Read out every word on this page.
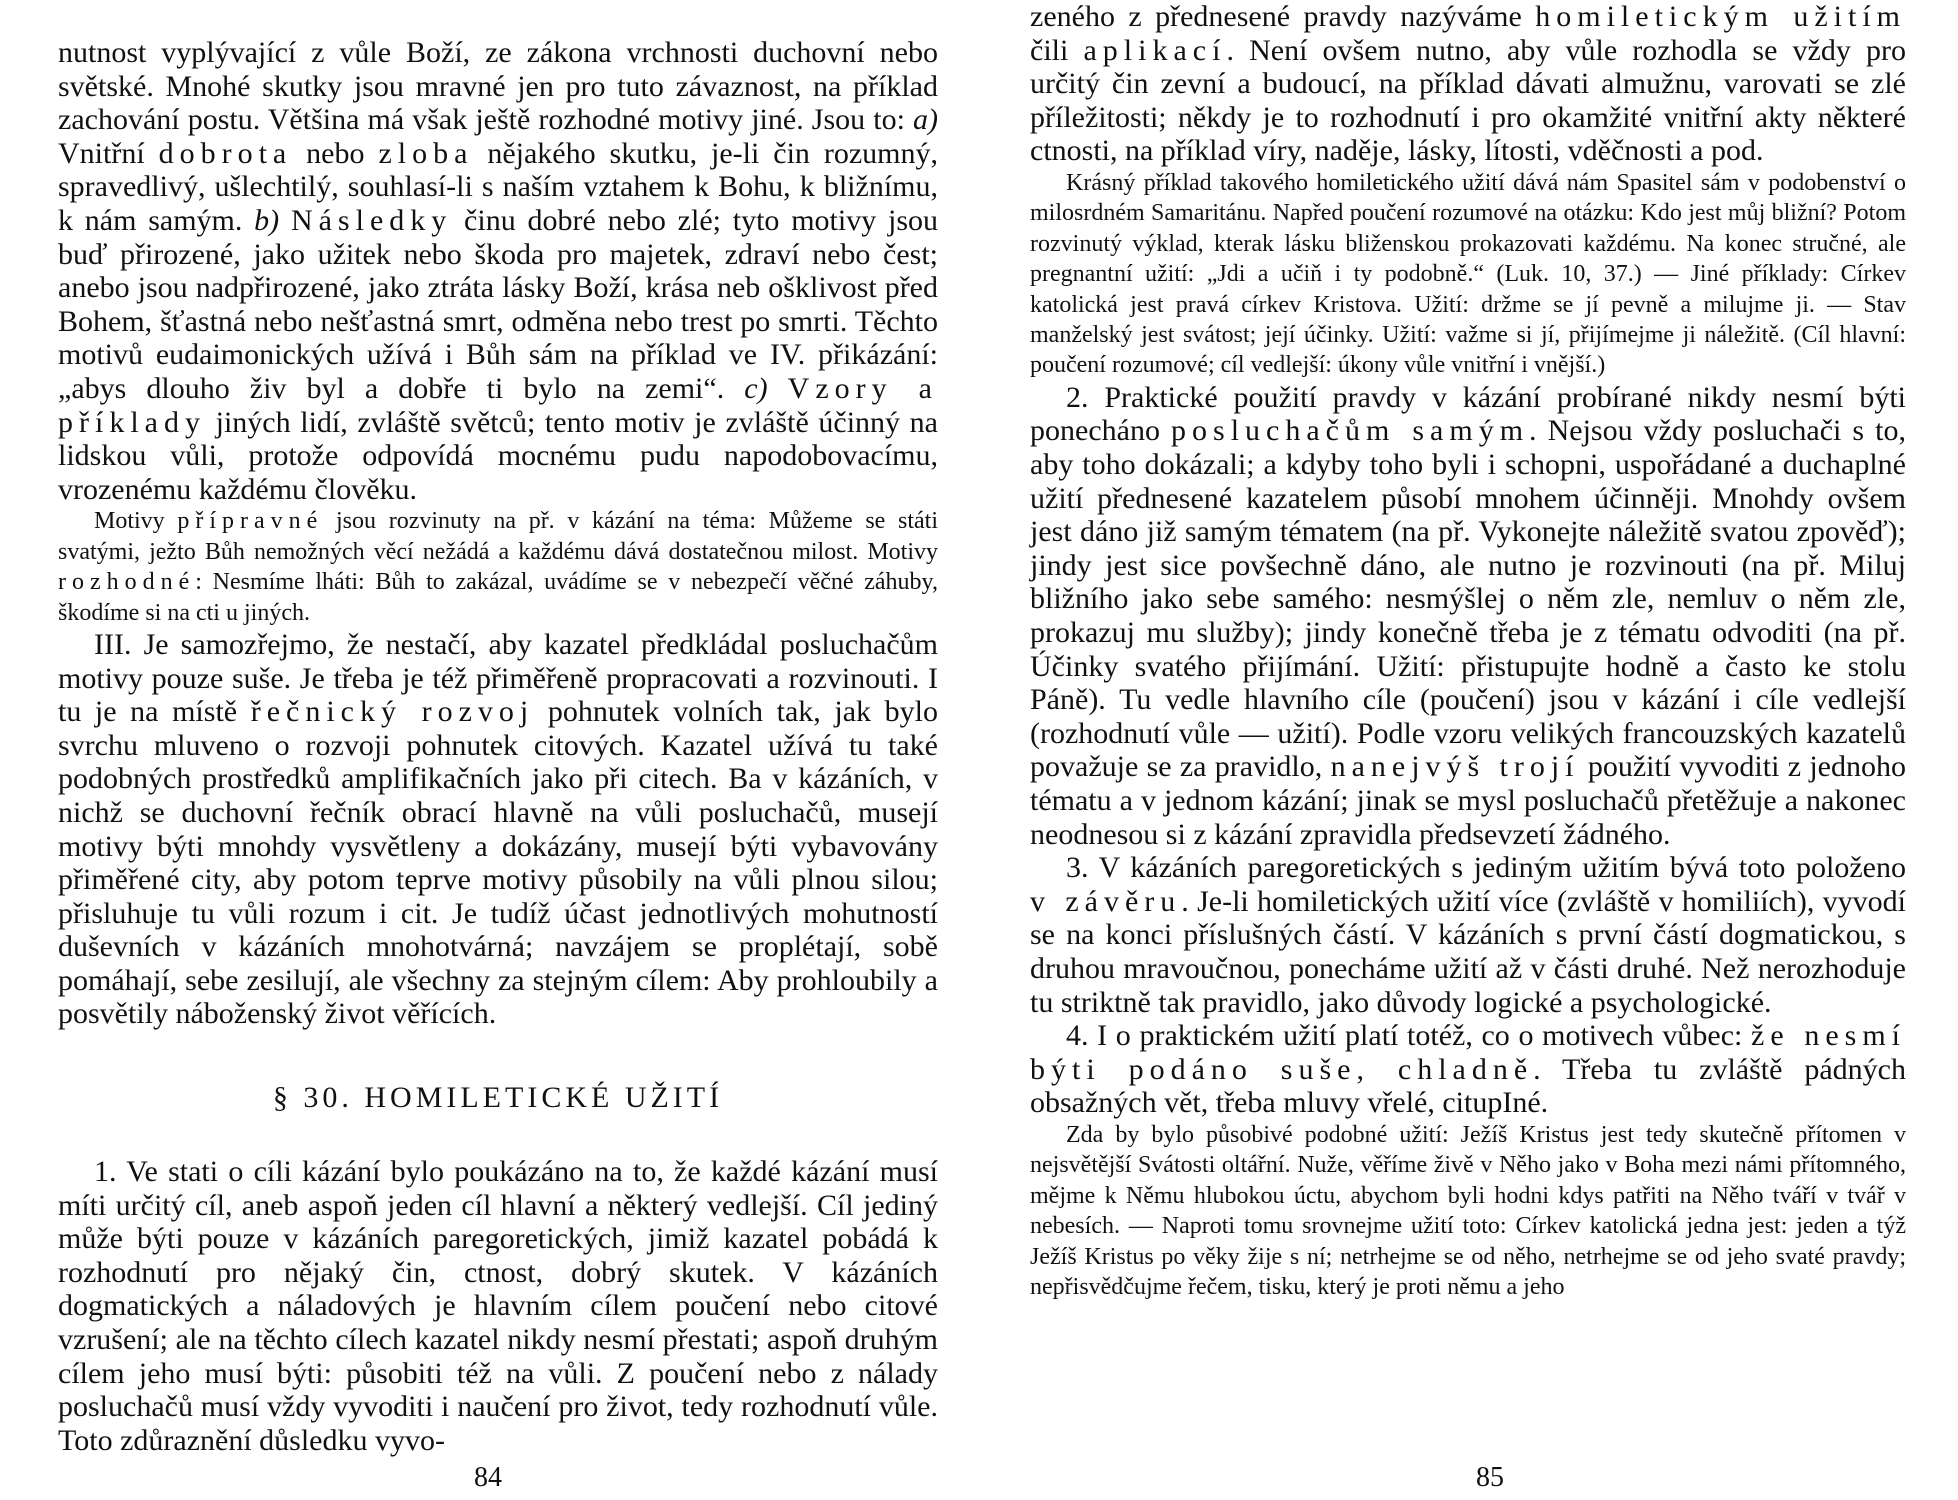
nutnost vyplývající z vůle Boží, ze zákona vrchnosti duchovní nebo světské. Mnohé skutky jsou mravné jen pro tuto závaznost, na příklad zachování postu. Většina má však ještě rozhodné motivy jiné. Jsou to: a) Vnitřní dobrota nebo zloba nějakého skutku, je-li čin rozumný, spravedlivý, ušlechtilý, souhlasí-li s naším vztahem k Bohu, k bližnímu, k nám samým. b) Následky činu dobré nebo zlé; tyto motivy jsou buď přirozené, jako užitek nebo škoda pro majetek, zdraví nebo čest; anebo jsou nadpřirozené, jako ztráta lásky Boží, krása neb ošklivost před Bohem, šťastná nebo nešťastná smrt, odměna nebo trest po smrti. Těchto motivů eudaimonických užívá i Bůh sám na příklad ve IV. přikázání: „abys dlouho živ byl a dobře ti bylo na zemi“. c) Vzory a příklady jiných lidí, zvláště světců; tento motiv je zvláště účinný na lidskou vůli, protože odpovídá mocnému pudu napodobovacímu, vrozenému každému člověku.

Motivy přípravné jsou rozvinuty na př. v kázání na téma: Můžeme se státi svatými, ježto Bůh nemožných věcí nežádá a každému dává dostatečnou milost. Motivy rozhodné: Nesmíme lháti: Bůh to zakázal, uvádíme se v nebezpečí věčné záhuby, škodíme si na cti u jiných.

III. Je samozřejmo, že nestačí, aby kazatel předkládal posluchačům motivy pouze suše. Je třeba je též přiměřeně propracovati a rozvinouti. I tu je na místě řečnický rozvoj pohnutek volních tak, jak bylo svrchu mluveno o rozvoji pohnutek citových. Kazatel užívá tu také podobných prostředků amplifikačních jako při citech. Ba v kázáních, v nichž se duchovní řečník obrací hlavně na vůli posluchačů, musejí motivy býti mnohdy vysvětleny a dokázány, musejí býti vybavovány přiměřené city, aby potom teprve motivy působily na vůli plnou silou; přisluhuje tu vůli rozum i cit. Je tudíž účast jednotlivých mohutností duševních v kázáních mnohotvárná; navzájem se proplétají, sobě pomáhají, sebe zesilují, ale všechny za stejným cílem: Aby prohloubily a posvětily náboženský život věřících.

§ 30. HOMILETICKÉ UŽITÍ

1. Ve stati o cíli kázání bylo poukázáno na to, že každé kázání musí míti určitý cíl, aneb aspoň jeden cíl hlavní a některý vedlejší. Cíl jediný může býti pouze v kázáních paregoretických, jimiž kazatel pobádá k rozhodnutí pro nějaký čin, ctnost, dobrý skutek. V kázáních dogmatických a náladových je hlavním cílem poučení nebo citové vzrušení; ale na těchto cílech kazatel nikdy nesmí přestati; aspoň druhým cílem jeho musí býti: působiti též na vůli. Z poučení nebo z nálady posluchačů musí vždy vyvoditi i naučení pro život, tedy rozhodnutí vůle. Toto zdůraznění důsledku vyvo-

84

zeného z přednesené pravdy nazýváme homiletickým užitím čili aplikací. Není ovšem nutno, aby vůle rozhodla se vždy pro určitý čin zevní a budoucí, na příklad dávati almužnu, varovati se zlé příležitosti; někdy je to rozhodnutí i pro okamžité vnitřní akty některé ctnosti, na příklad víry, naděje, lásky, lítosti, vděčnosti a pod.

Krásný příklad takového homiletického užití dává nám Spasitel sám v podobenství o milosrdném Samaritánu. Napřed poučení rozumové na otázku: Kdo jest můj bližní? Potom rozvinutý výklad, kterak lásku bliženskou prokazovati každému. Na konec stručné, ale pregnantní užití: „Jdi a učiň i ty podobně.“ (Luk. 10, 37.) — Jiné příklady: Církev katolická jest pravá církev Kristova. Užití: držme se jí pevně a milujme ji. — Stav manželský jest svátost; její účinky. Užití: važme si jí, přijímejme ji náležitě. (Cíl hlavní: poučení rozumové; cíl vedlejší: úkony vůle vnitřní i vnější.)

2. Praktické použití pravdy v kázání probírané nikdy nesmí býti ponecháno posluchačům samým. Nejsou vždy posluchači s to, aby toho dokázali; a kdyby toho byli i schopni, uspořádané a duchaplné užití přednesené kazatelem působí mnohem účinněji. Mnohdy ovšem jest dáno již samým tématem (na př. Vykonejte náležitě svatou zpověď); jindy jest sice povšechně dáno, ale nutno je rozvinouti (na př. Miluj bližního jako sebe samého: nesmýšlej o něm zle, nemluv o něm zle, prokazuj mu služby); jindy konečně třeba je z tématu odvoditi (na př. Účinky svatého přijímání. Užití: přistupujte hodně a často ke stolu Páně). Tu vedle hlavního cíle (poučení) jsou v kázání i cíle vedlejší (rozhodnutí vůle — užití). Podle vzoru velikých francouzských kazatelů považuje se za pravidlo, nanejvýš trojí použití vyvoditi z jednoho tématu a v jednom kázání; jinak se mysl posluchačů přetěžuje a nakonec neodnesou si z kázání zpravidla předsevzetí žádného.

3. V kázáních paregoretických s jediným užitím bývá toto položeno v závěru. Je-li homiletických užití více (zvláště v homiliích), vyvodí se na konci příslušných částí. V kázáních s první částí dogmatickou, s druhou mravoučnou, ponecháme užití až v části druhé. Než nerozhoduje tu striktně tak pravidlo, jako důvody logické a psychologické.

4. I o praktickém užití platí totéž, co o motivech vůbec: že nesmí býti podáno suše, chladně. Třeba tu zvláště pádných obsažných vět, třeba mluvy vřelé, citupIné.

Zda by bylo působivé podobné užití: Ježíš Kristus jest tedy skutečně přítomen v nejsvětější Svátosti oltářní. Nuže, věříme živě v Něho jako v Boha mezi námi přítomného, mějme k Němu hlubokou úctu, abychom byli hodni kdys patřiti na Něho tváří v tvář v nebesích. — Naproti tomu srovnejme užití toto: Církev katolická jedna jest: jeden a týž Ježíš Kristus po věky žije s ní; netrhejme se od něho, netrhejme se od jeho svaté pravdy; nepřisvědčujme řečem, tisku, který je proti němu a jeho

85
